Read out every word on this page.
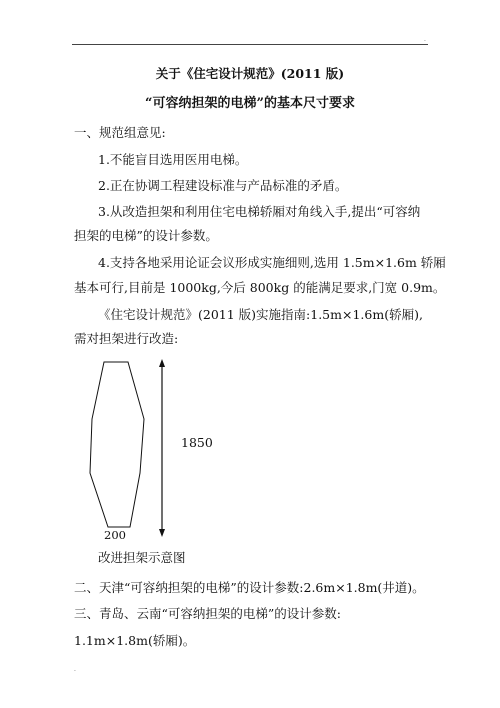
.
关于《住宅设计规范》(2011 版)
“可容纳担架的电梯”的基本尺寸要求
一、规范组意见:
1.不能盲目选用医用电梯。
2.正在协调工程建设标准与产品标准的矛盾。
3.从改造担架和利用住宅电梯轿厢对角线入手,提出“可容纳
担架的电梯”的设计参数。
4.支持各地采用论证会议形成实施细则,选用 1.5m×1.6m 轿厢
基本可行,目前是 1000kg,今后 800kg 的能满足要求,门宽 0.9m。
《住宅设计规范》(2011 版)实施指南:1.5m×1.6m(轿厢),
需对担架进行改造:
1850
200
改进担架示意图
二、天津“可容纳担架的电梯”的设计参数:2.6m×1.8m(井道)。
三、青岛、云南“可容纳担架的电梯”的设计参数:
1.1m×1.8m(轿厢)。
.
